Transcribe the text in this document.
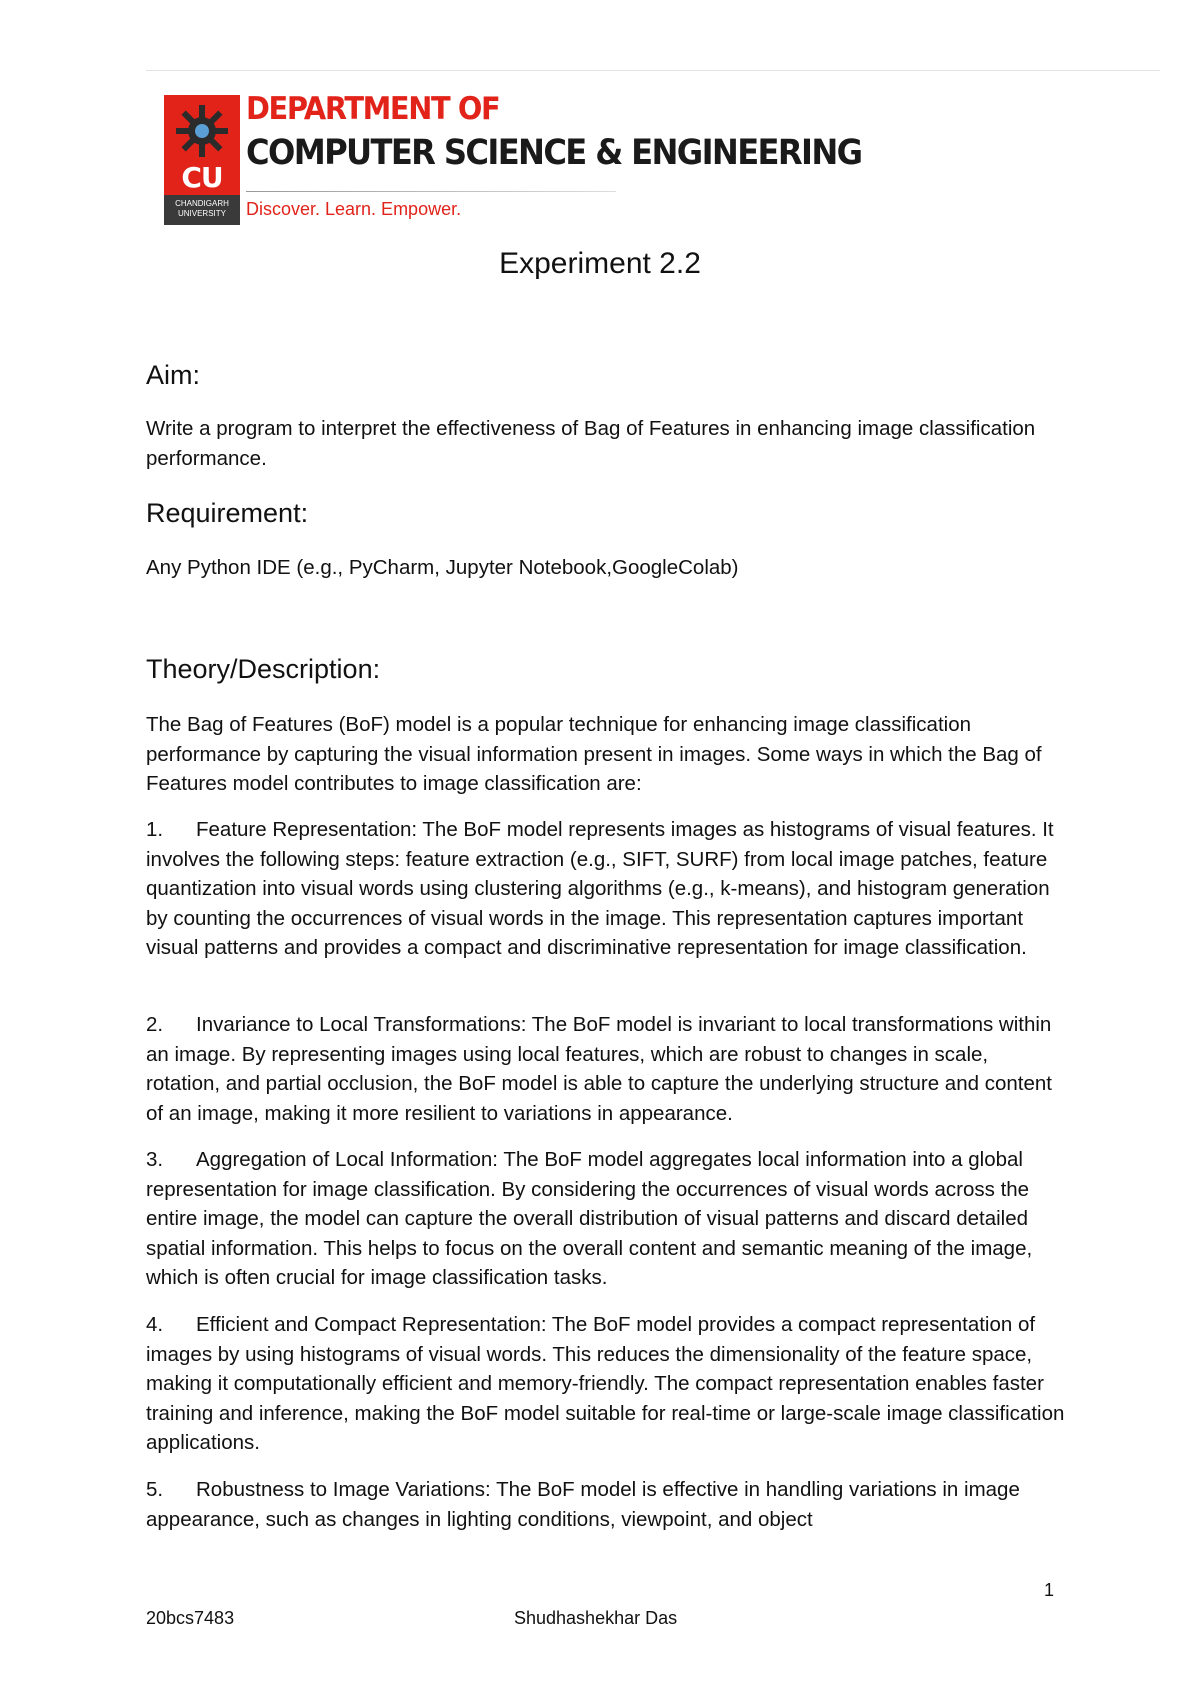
CU
CHANDIGARH UNIVERSITY
DEPARTMENT OF
COMPUTER SCIENCE & ENGINEERING
Discover. Learn. Empower.
Experiment 2.2
Aim:

Write a program to interpret the effectiveness of Bag of Features in enhancing image classification performance.

Requirement:

Any Python IDE (e.g., PyCharm, Jupyter Notebook,GoogleColab)

Theory/Description:

The Bag of Features (BoF) model is a popular technique for enhancing image classification performance by capturing the visual information present in images. Some ways in which the Bag of Features model contributes to image classification are:

1. Feature Representation: The BoF model represents images as histograms of visual features. It involves the following steps: feature extraction (e.g., SIFT, SURF) from local image patches, feature quantization into visual words using clustering algorithms (e.g., k-means), and histogram generation by counting the occurrences of visual words in the image. This representation captures important visual patterns and provides a compact and discriminative representation for image classification.

2. Invariance to Local Transformations: The BoF model is invariant to local transformations within an image. By representing images using local features, which are robust to changes in scale, rotation, and partial occlusion, the BoF model is able to capture the underlying structure and content of an image, making it more resilient to variations in appearance.

3. Aggregation of Local Information: The BoF model aggregates local information into a global representation for image classification. By considering the occurrences of visual words across the entire image, the model can capture the overall distribution of visual patterns and discard detailed spatial information. This helps to focus on the overall content and semantic meaning of the image, which is often crucial for image classification tasks.

4. Efficient and Compact Representation: The BoF model provides a compact representation of images by using histograms of visual words. This reduces the dimensionality of the feature space, making it computationally efficient and memory-friendly. The compact representation enables faster training and inference, making the BoF model suitable for real-time or large-scale image classification applications.

5. Robustness to Image Variations: The BoF model is effective in handling variations in image appearance, such as changes in lighting conditions, viewpoint, and object

1
20bcs7483	Shudhashekhar Das
